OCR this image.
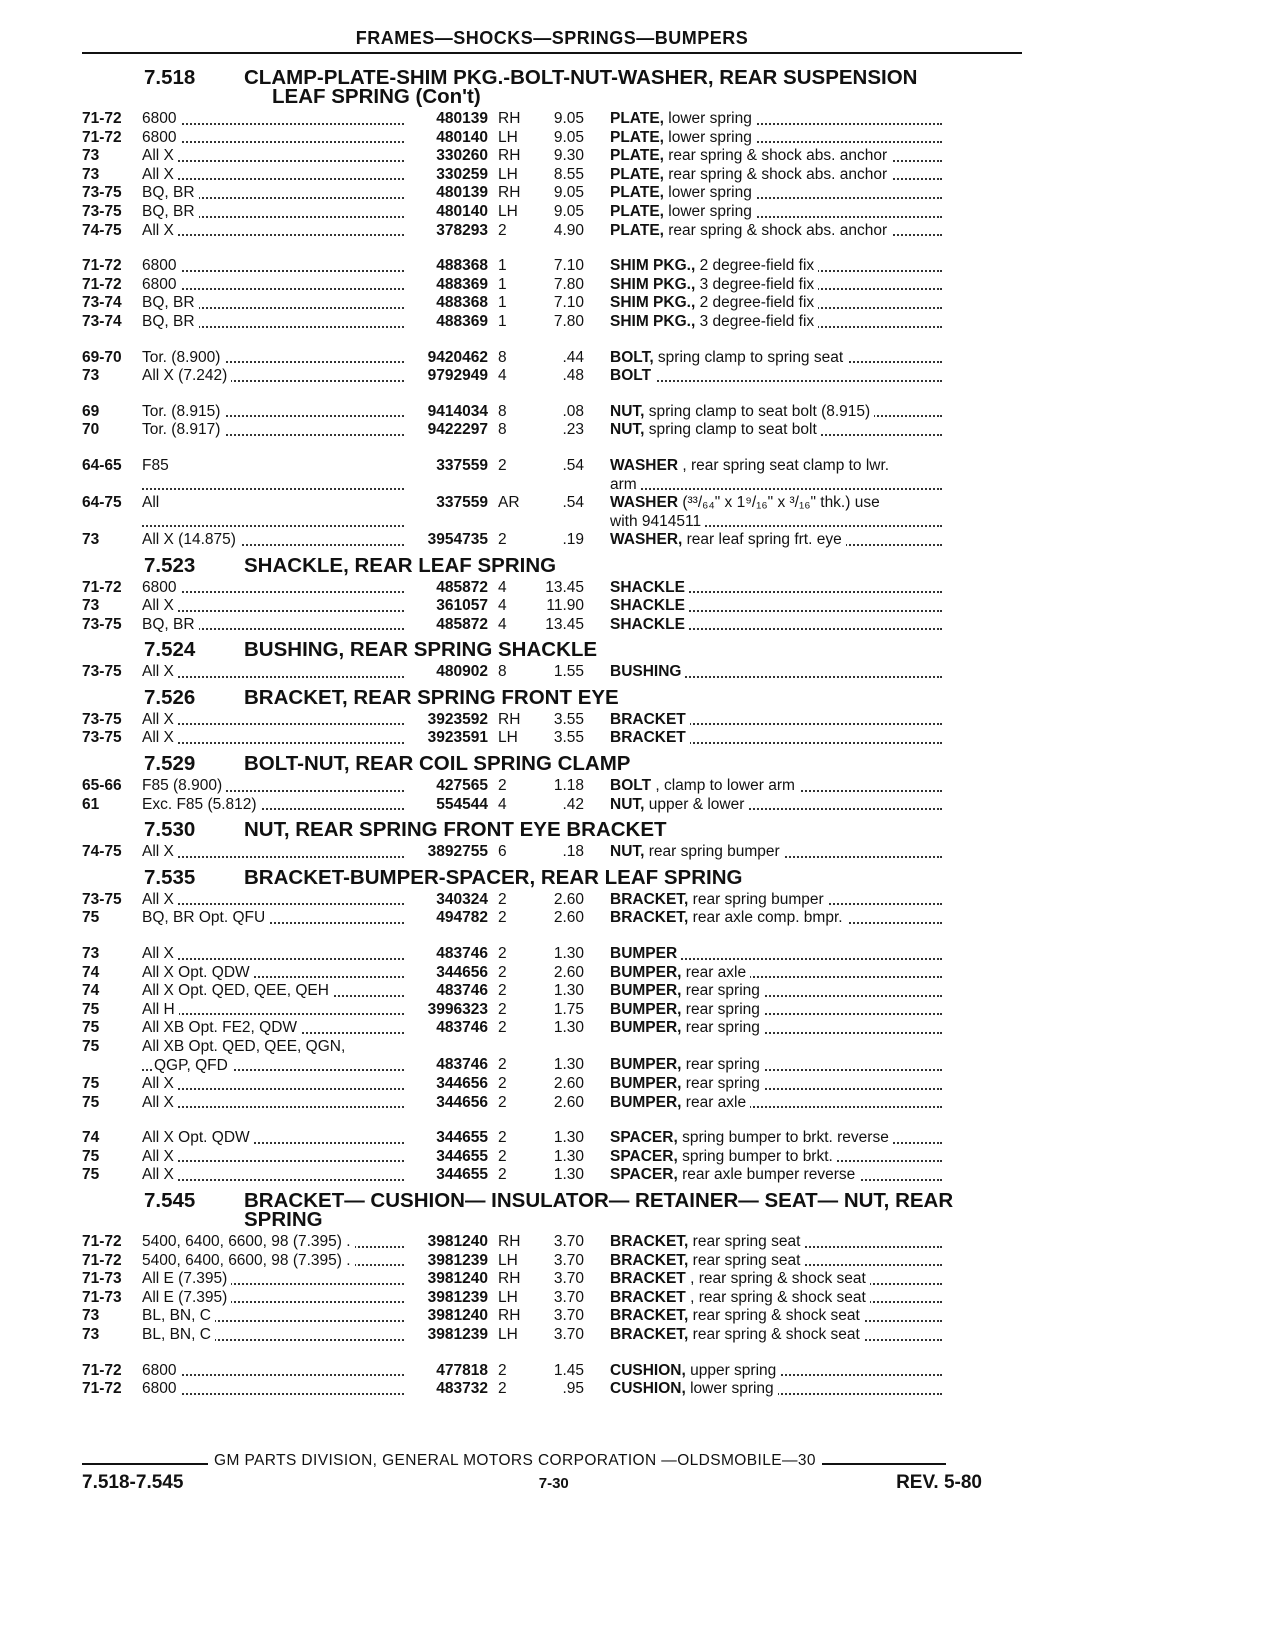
FRAMES—SHOCKS—SPRINGS—BUMPERS
7.518	CLAMP-PLATE-SHIM PKG.-BOLT-NUT-WASHER, REAR SUSPENSION
LEAF SPRING (Con't)
71-72	6800	480139 RH	9.05 PLATE, lower spring
71-72	6800	480140 LH	9.05 PLATE, lower spring
73	All X	330260 RH	9.30 PLATE, rear spring & shock abs. anchor
73	All X	330259 LH	8.55 PLATE, rear spring & shock abs. anchor
73-75	BQ, BR	480139 RH	9.05 PLATE, lower spring
73-75	BQ, BR	480140 LH	9.05 PLATE, lower spring
74-75	All X	378293 2	4.90 PLATE, rear spring & shock abs. anchor
71-72	6800	488368 1	7.10 SHIM PKG., 2 degree-field fix
71-72	6800	488369 1	7.80 SHIM PKG., 3 degree-field fix
73-74	BQ, BR	488368 1	7.10 SHIM PKG., 2 degree-field fix
73-74	BQ, BR	488369 1	7.80 SHIM PKG., 3 degree-field fix
69-70	Tor. (8.900)	9420462 8	.44 BOLT, spring clamp to spring seat
73	All X (7.242)	9792949 4	.48 BOLT
69	Tor. (8.915)	9414034 8	.08 NUT, spring clamp to seat bolt (8.915)
70	Tor. (8.917)	9422297 8	.23 NUT, spring clamp to seat bolt
64-65	F85	337559 2	.54 WASHER , rear spring seat clamp to lwr.
arm
64-75	All	337559 AR	.54 WASHER (³³/₆₄" x 1⁹/₁₆" x ³/₁₆" thk.) use
with 9414511
73	All X (14.875)	3954735 2	.19 WASHER, rear leaf spring frt. eye
7.523	SHACKLE, REAR LEAF SPRING
71-72	6800	485872 4	13.45 SHACKLE
73	All X	361057 4	11.90 SHACKLE
73-75	BQ, BR	485872 4	13.45 SHACKLE
7.524	BUSHING, REAR SPRING SHACKLE
73-75	All X	480902 8	1.55 BUSHING
7.526	BRACKET, REAR SPRING FRONT EYE
73-75	All X	3923592 RH	3.55 BRACKET
73-75	All X	3923591 LH	3.55 BRACKET
7.529	BOLT-NUT, REAR COIL SPRING CLAMP
65-66	F85 (8.900)	427565 2	1.18 BOLT , clamp to lower arm
61	Exc. F85 (5.812)	554544 4	.42 NUT, upper & lower
7.530	NUT, REAR SPRING FRONT EYE BRACKET
74-75	All X	3892755 6	.18 NUT, rear spring bumper
7.535	BRACKET-BUMPER-SPACER, REAR LEAF SPRING
73-75	All X	340324 2	2.60 BRACKET, rear spring bumper
75	BQ, BR Opt. QFU	494782 2	2.60 BRACKET, rear axle comp. bmpr.
73	All X	483746 2	1.30 BUMPER
74	All X Opt. QDW	344656 2	2.60 BUMPER, rear axle
74	All X Opt. QED, QEE, QEH	483746 2	1.30 BUMPER, rear spring
75	All H	3996323 2	1.75 BUMPER, rear spring
75	All XB Opt. FE2, QDW	483746 2	1.30 BUMPER, rear spring
75	All XB Opt. QED, QEE, QGN,
QGP, QFD	483746 2	1.30 BUMPER, rear spring
75	All X	344656 2	2.60 BUMPER, rear spring
75	All X	344656 2	2.60 BUMPER, rear axle
74	All X Opt. QDW	344655 2	1.30 SPACER, spring bumper to brkt. reverse
75	All X	344655 2	1.30 SPACER, spring bumper to brkt.
75	All X	344655 2	1.30 SPACER, rear axle bumper reverse
7.545	BRACKET— CUSHION— INSULATOR— RETAINER— SEAT— NUT, REAR
SPRING
71-72	5400, 6400, 6600, 98 (7.395) .	3981240 RH	3.70 BRACKET, rear spring seat
71-72	5400, 6400, 6600, 98 (7.395) .	3981239 LH	3.70 BRACKET, rear spring seat
71-73	All E (7.395)	3981240 RH	3.70 BRACKET , rear spring & shock seat
71-73	All E (7.395)	3981239 LH	3.70 BRACKET , rear spring & shock seat
73	BL, BN, C	3981240 RH	3.70 BRACKET, rear spring & shock seat
73	BL, BN, C	3981239 LH	3.70 BRACKET, rear spring & shock seat
71-72	6800	477818 2	1.45 CUSHION, upper spring
71-72	6800	483732 2	.95 CUSHION, lower spring
GM PARTS DIVISION, GENERAL MOTORS CORPORATION —OLDSMOBILE—30
7.518-7.545	7-30	REV. 5-80
